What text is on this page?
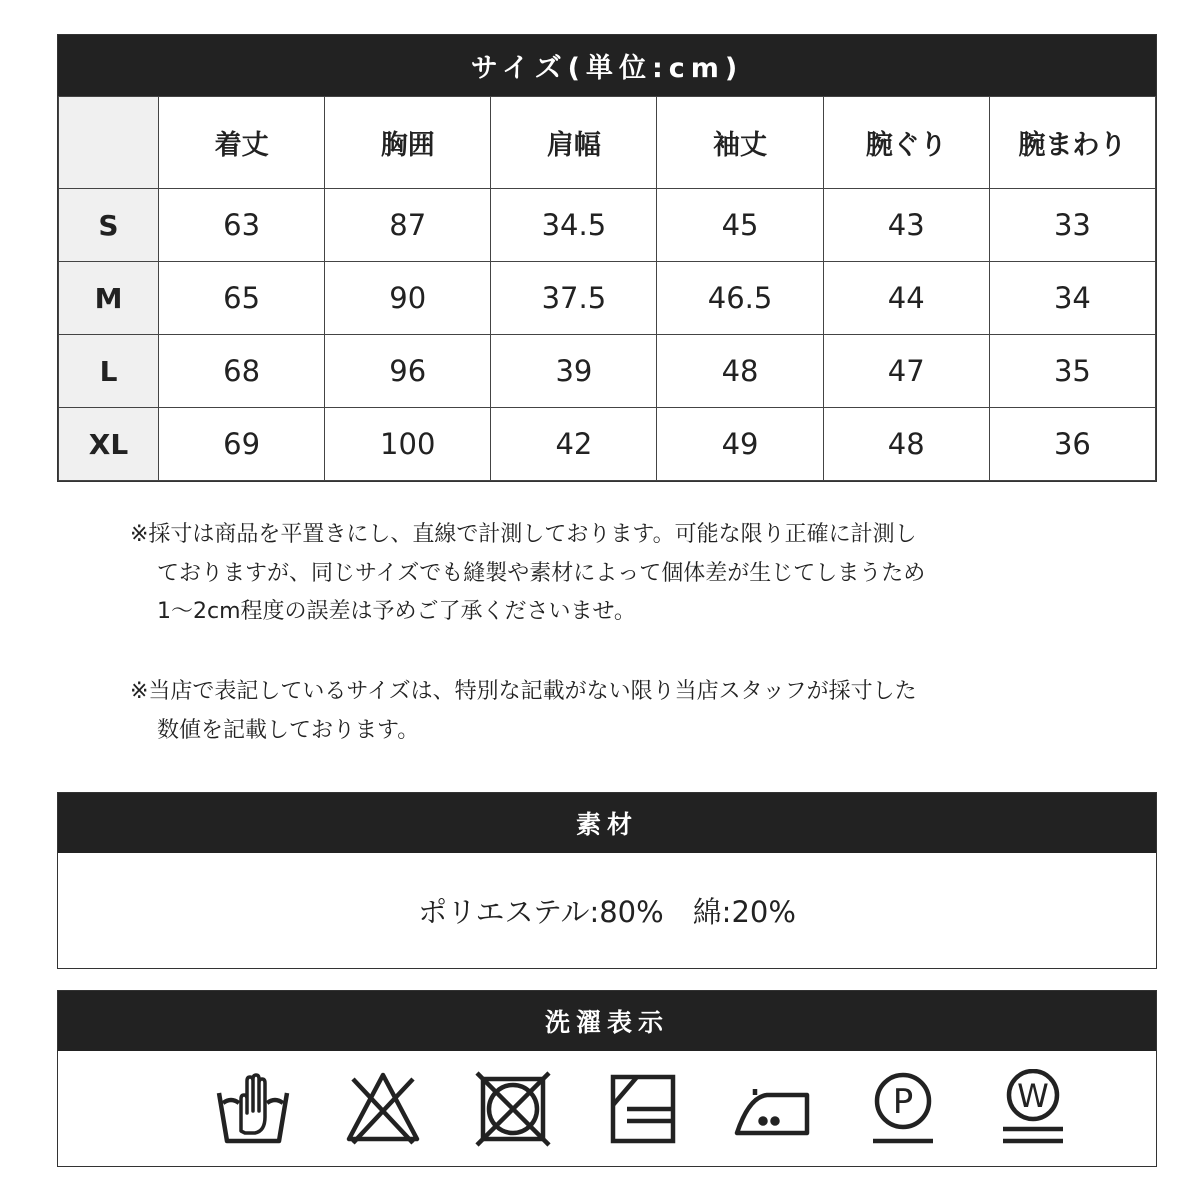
サイズ(単位:cm)
	着丈	胸囲	肩幅	袖丈	腕ぐり	腕まわり
S	63	87	34.5	45	43	33
M	65	90	37.5	46.5	44	34
L	68	96	39	48	47	35
XL	69	100	42	49	48	36
※採寸は商品を平置きにし、直線で計測しております。可能な限り正確に計測し
ておりますが、同じサイズでも縫製や素材によって個体差が生じてしまうため
1〜2cm程度の誤差は予めご了承くださいませ。
※当店で表記しているサイズは、特別な記載がない限り当店スタッフが採寸した
数値を記載しております。
素材
ポリエステル:80%　綿:20%
洗濯表示
P	W
